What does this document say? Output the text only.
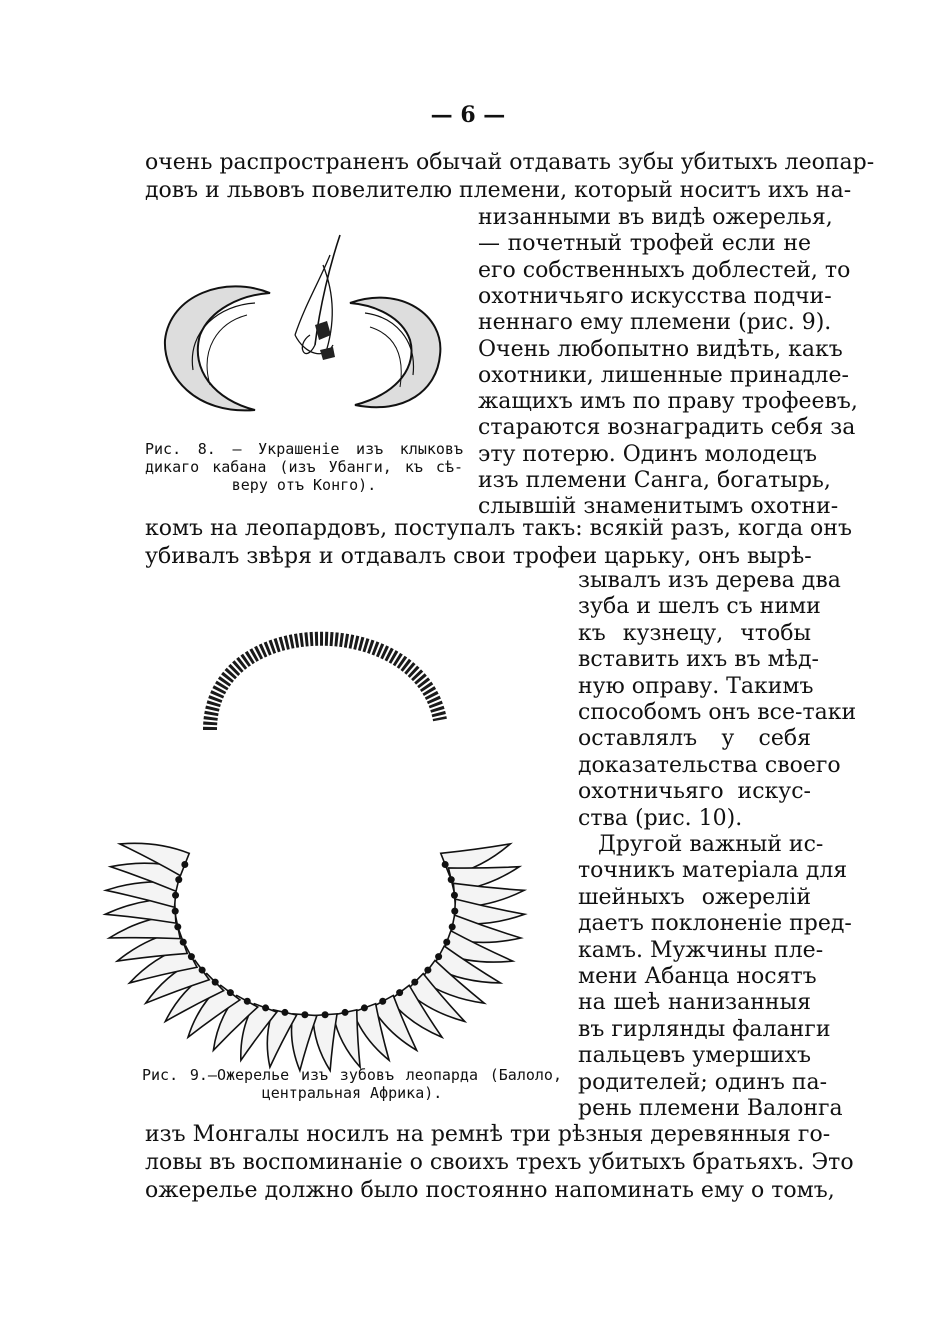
— 6 —
очень распространенъ обычай отдавать зубы убитыхъ леопар-
довъ и львовъ повелителю племени, который носитъ ихъ на-
низанными въ видѣ ожерелья,
— почетный трофей если не
его собственныхъ доблестей, то
охотничьяго искусства подчи-
неннаго ему племени (рис. 9).
Очень любопытно видѣть, какъ
охотники, лишенные принадле-
жащихъ имъ по праву трофеевъ,
стараются вознаградить себя за
эту потерю. Одинъ молодецъ
изъ племени Санга, богатырь,
слывшій знаменитымъ охотни-
Рис. 8. — Украшеніе изъ клыковъ
дикаго кабана (изъ Убанги, къ сѣ-
веру отъ Конго).
комъ на леопардовъ, поступалъ такъ: всякій разъ, когда онъ
убивалъ звѣря и отдавалъ свои трофеи царьку, онъ вырѣ-
зывалъ изъ дерева два
зуба и шелъ съ ними
къ кузнецу, чтобы
вставить ихъ въ мѣд-
ную оправу. Такимъ
способомъ онъ все-таки
оставлялъ у себя
доказательства своего
охотничьяго искус-
ства (рис. 10).
Другой важный ис-
точникъ матеріала для
шейныхъ ожерелій
даетъ поклоненіе пред-
камъ. Мужчины пле-
мени Абанца носятъ
на шеѣ нанизанныя
въ гирлянды фаланги
пальцевъ умершихъ
родителей; одинъ па-
рень племени Валонга
Рис. 9.—Ожерелье изъ зубовъ леопарда (Балоло,
центральная Африка).
изъ Монгалы носилъ на ремнѣ три рѣзныя деревянныя го-
ловы въ воспоминаніе о своихъ трехъ убитыхъ братьяхъ. Это
ожерелье должно было постоянно напоминать ему о томъ,
